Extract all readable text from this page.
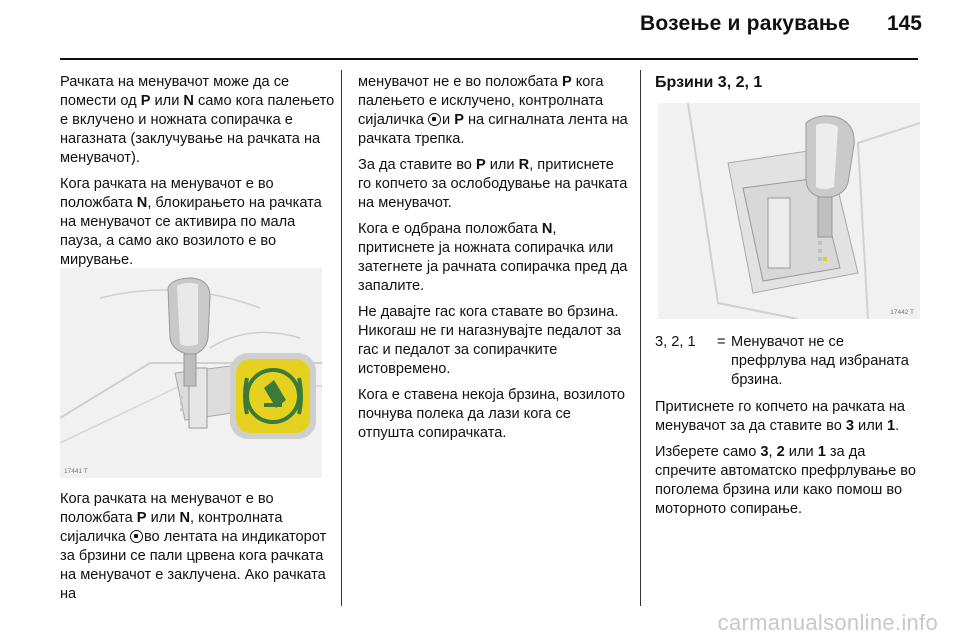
Возење и ракување 145

Рачката на менувачот може да се помести од P или N само кога палењето е вклучено и ножната сопирачка е нагазната (заклучување на рачката на менувачот).

Кога рачката на менувачот е во положбата N, блокирањето на рачката на менувачот се активира по мала пауза, а само ако возилото е во мирување.

17441 T

Кога рачката на менувачот е во положбата P или N, контролната сијаличка во лентата на индикаторот за брзини се пали црвена кога рачката на менувачот е заклучена. Ако рачката на

менувачот не е во положбата P кога палењето е исклучено, контролната сијаличка и P на сигналната лента на рачката трепка.

За да ставите во P или R, притиснете го копчето за ослободување на рачката на менувачот.

Кога е одбрана положбата N, притиснете ја ножната сопирачка или затегнете ја рачната сопирачка пред да запалите.

Не давајте гас кога ставате во брзина. Никогаш не ги нагазнувајте педалот за гас и педалот за сопирачките истовремено.

Кога е ставена некоја брзина, возилото почнува полека да лази кога се отпушта сопирачката.

Брзини 3, 2, 1
17442 T
3, 2, 1	= Менувачот не се префрлува над избраната брзина.

Притиснете го копчето на рачката на менувачот за да ставите во 3 или 1.

Изберете само 3, 2 или 1 за да спречите автоматско префрлување во поголема брзина или како помош во моторното сопирање.

carmanualsonline.info
